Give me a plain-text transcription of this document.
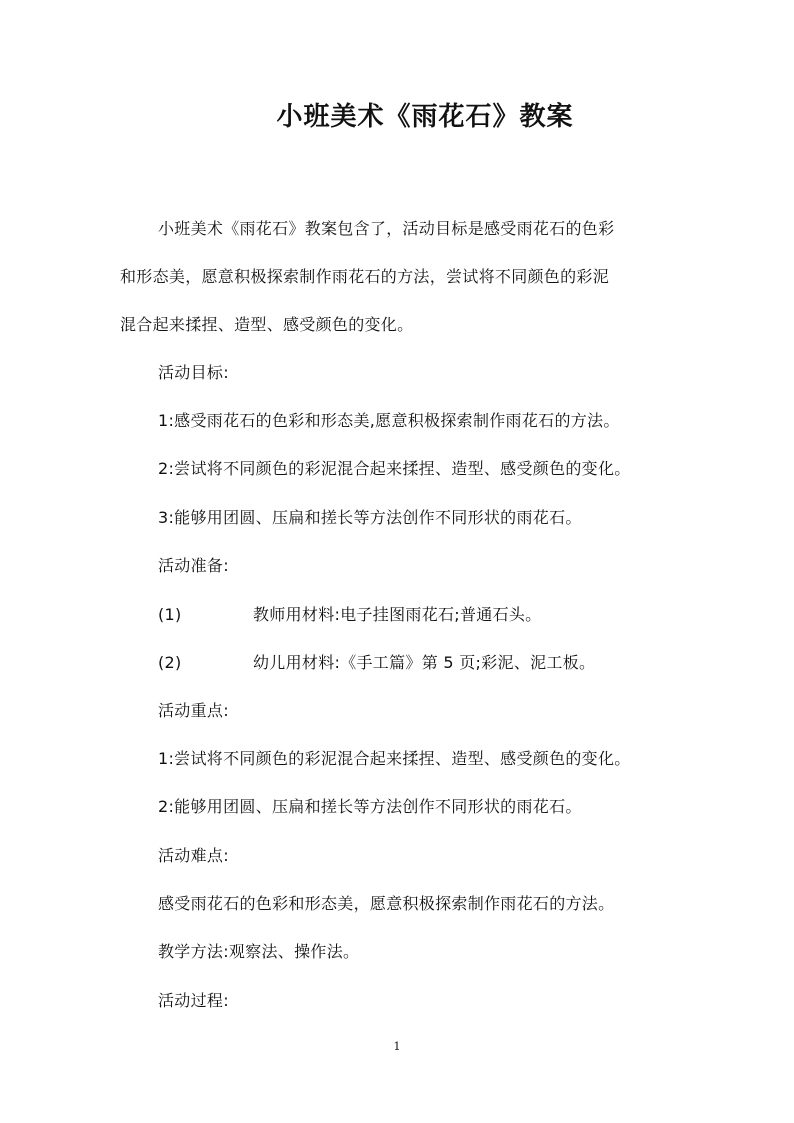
小班美术《雨花石》教案
小班美术《雨花石》教案包含了，活动目标是感受雨花石的色彩
和形态美，愿意积极探索制作雨花石的方法，尝试将不同颜色的彩泥
混合起来揉捏、造型、感受颜色的变化。
活动目标:
1:感受雨花石的色彩和形态美,愿意积极探索制作雨花石的方法。
2:尝试将不同颜色的彩泥混合起来揉捏、造型、感受颜色的变化。
3:能够用团圆、压扁和搓长等方法创作不同形状的雨花石。
活动准备:
(1)	教师用材料:电子挂图雨花石;普通石头。
(2)	幼儿用材料:《手工篇》第 5 页;彩泥、泥工板。
活动重点:
1:尝试将不同颜色的彩泥混合起来揉捏、造型、感受颜色的变化。
2:能够用团圆、压扁和搓长等方法创作不同形状的雨花石。
活动难点:
感受雨花石的色彩和形态美，愿意积极探索制作雨花石的方法。
教学方法:观察法、操作法。
活动过程:
1
